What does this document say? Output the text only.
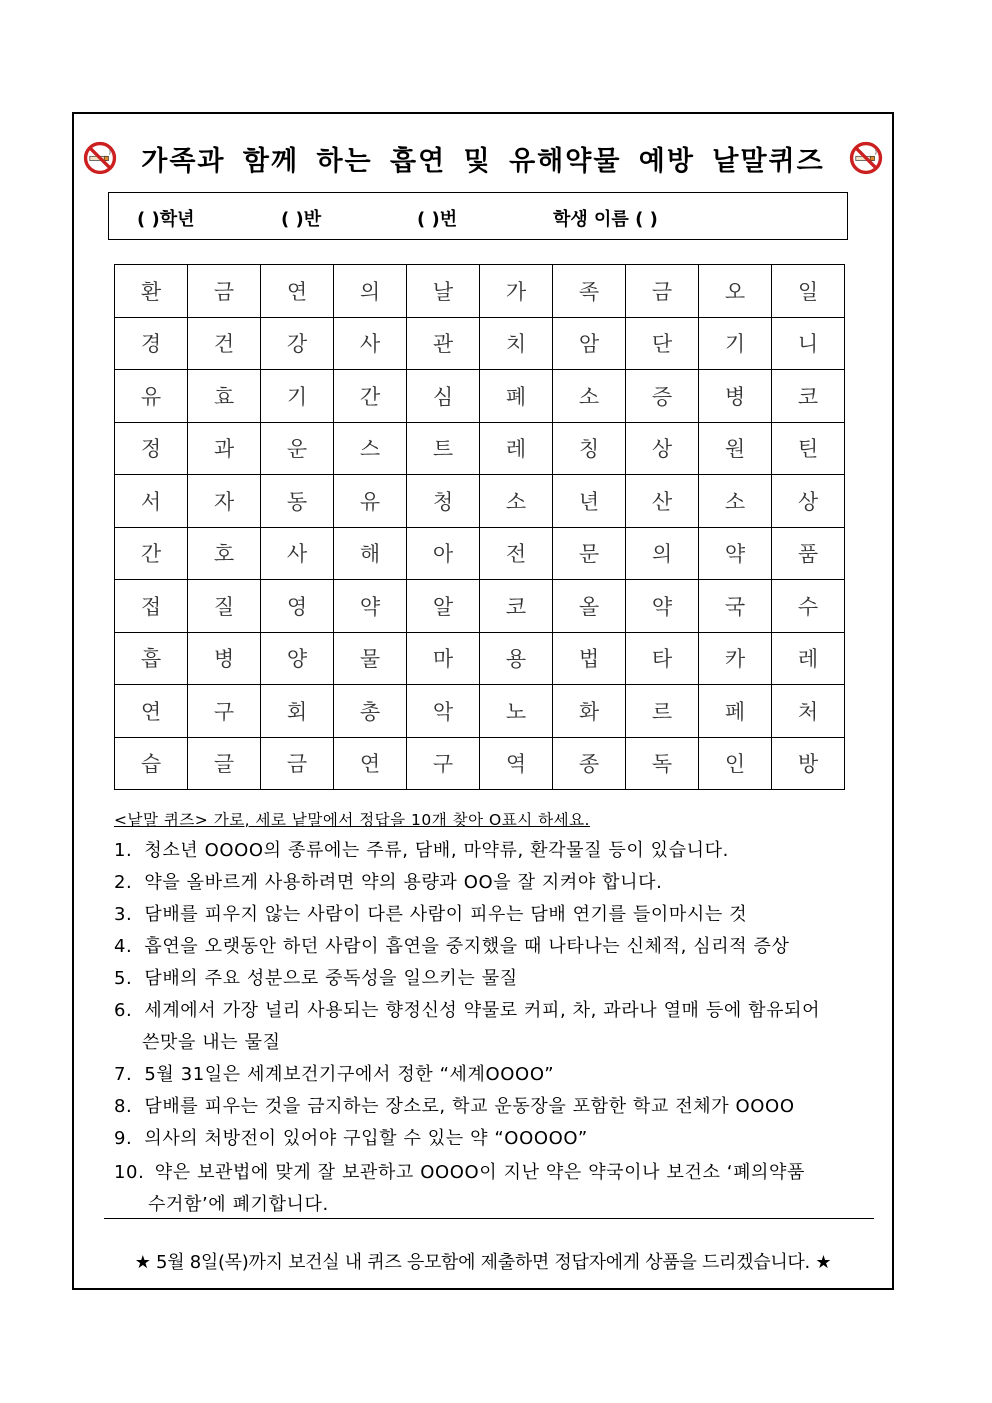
가족과 함께 하는 흡연 및 유해약물 예방 낱말퀴즈
( )학년	( )반	( )번	학생 이름 ( )
환	금	연	의	날	가	족	금	오	일
경	건	강	사	관	치	암	단	기	니
유	효	기	간	심	폐	소	증	병	코
정	과	운	스	트	레	칭	상	원	틴
서	자	동	유	청	소	년	산	소	상
간	호	사	해	아	전	문	의	약	품
접	질	영	약	알	코	올	약	국	수
흡	병	양	물	마	용	법	타	카	레
연	구	회	총	악	노	화	르	페	처
습	글	금	연	구	역	종	독	인	방
<낱말 퀴즈> 가로, 세로 낱말에서 정답을 10개 찾아 O표시 하세요.
1. 청소년 OOOO의 종류에는 주류, 담배, 마약류, 환각물질 등이 있습니다.
2. 약을 올바르게 사용하려면 약의 용량과 OO을 잘 지켜야 합니다.
3. 담배를 피우지 않는 사람이 다른 사람이 피우는 담배 연기를 들이마시는 것
4. 흡연을 오랫동안 하던 사람이 흡연을 중지했을 때 나타나는 신체적, 심리적 증상
5. 담배의 주요 성분으로 중독성을 일으키는 물질
6. 세계에서 가장 널리 사용되는 향정신성 약물로 커피, 차, 과라나 열매 등에 함유되어
쓴맛을 내는 물질
7. 5월 31일은 세계보건기구에서 정한 “세계OOOO”
8. 담배를 피우는 것을 금지하는 장소로, 학교 운동장을 포함한 학교 전체가 OOOO
9. 의사의 처방전이 있어야 구입할 수 있는 약 “OOOOO”
10. 약은 보관법에 맞게 잘 보관하고 OOOO이 지난 약은 약국이나 보건소 ‘폐의약품
수거함’에 폐기합니다.
★ 5월 8일(목)까지 보건실 내 퀴즈 응모함에 제출하면 정답자에게 상품을 드리겠습니다. ★
